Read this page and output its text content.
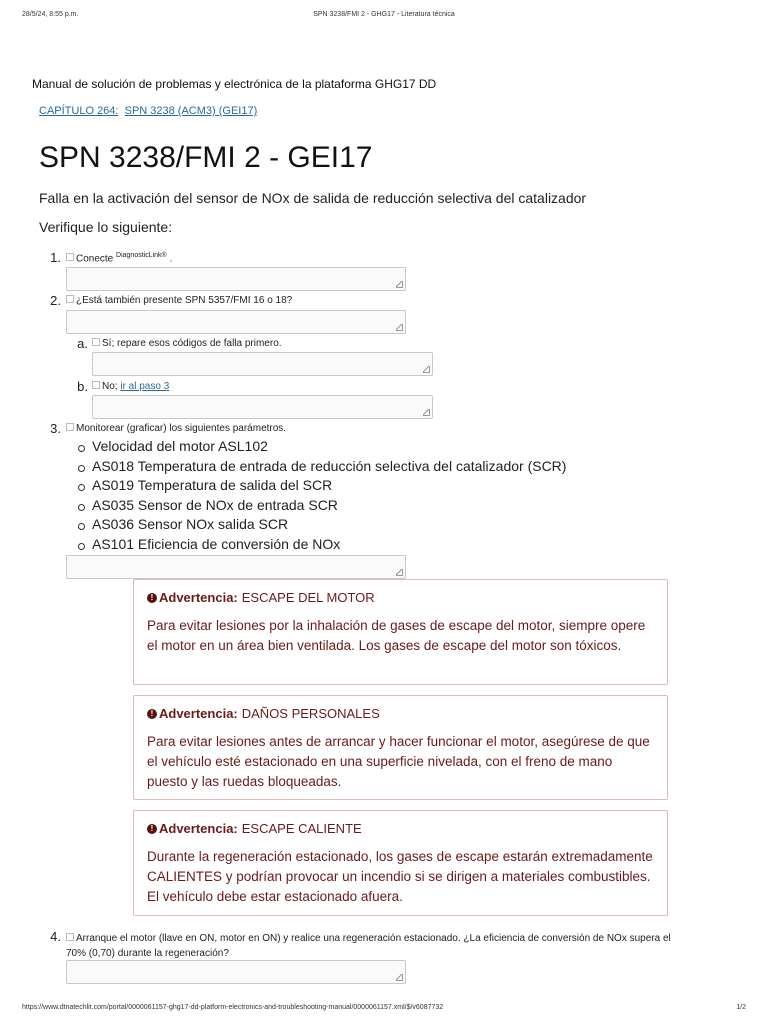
28/5/24, 8:55 p.m.	SPN 3238/FMI 2 - GHG17 - Literatura técnica
Manual de solución de problemas y electrónica de la plataforma GHG17 DD
CAPÍTULO 264: SPN 3238 (ACM3) (GEI17)
SPN 3238/FMI 2 - GEI17
Falla en la activación del sensor de NOx de salida de reducción selectiva del catalizador
Verifique lo siguiente:
1.	Conecte $^{DiagnosticLink®}$ .
2.	¿Está también presente SPN 5357/FMI 16 o 18?
a.	Sí; repare esos códigos de falla primero.
b.	No; ir al paso 3
3.	Monitorear (graficar) los siguientes parámetros.
Velocidad del motor ASL102
AS018 Temperatura de entrada de reducción selectiva del catalizador (SCR)
AS019 Temperatura de salida del SCR
AS035 Sensor de NOx de entrada SCR
AS036 Sensor NOx salida SCR
AS101 Eficiencia de conversión de NOx
! Advertencia: ESCAPE DEL MOTOR
Para evitar lesiones por la inhalación de gases de escape del motor, siempre opere el motor en un área bien ventilada. Los gases de escape del motor son tóxicos.
! Advertencia: DAÑOS PERSONALES
Para evitar lesiones antes de arrancar y hacer funcionar el motor, asegúrese de que el vehículo esté estacionado en una superficie nivelada, con el freno de mano puesto y las ruedas bloqueadas.
! Advertencia: ESCAPE CALIENTE
Durante la regeneración estacionado, los gases de escape estarán extremadamente CALIENTES y podrían provocar un incendio si se dirigen a materiales combustibles. El vehículo debe estar estacionado afuera.
4.	Arranque el motor (llave en ON, motor en ON) y realice una regeneración estacionado. ¿La eficiencia de conversión de NOx supera el
70% (0,70) durante la regeneración?
https://www.dtnatechlit.com/portal/0000061157-ghg17-dd-platform-electronics-and-troubleshooting-manual/0000061157.xml/$/v6087732	1/2
